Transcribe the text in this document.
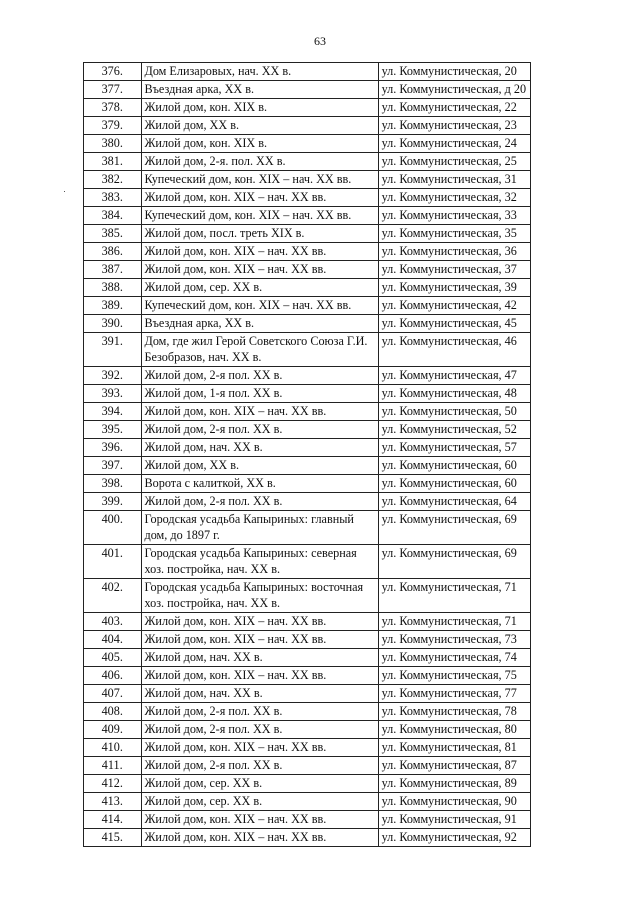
63
376.	Дом Елизаровых, нач. XX в.	ул. Коммунистическая, 20
377.	Въездная арка, XX в.	ул. Коммунистическая, д 20
378.	Жилой дом, кон. XIX в.	ул. Коммунистическая, 22
379.	Жилой дом, XX в.	ул. Коммунистическая, 23
380.	Жилой дом, кон. XIX в.	ул. Коммунистическая, 24
381.	Жилой дом, 2-я. пол. XX в.	ул. Коммунистическая, 25
382.	Купеческий дом, кон. XIX – нач. XX вв.	ул. Коммунистическая, 31
383.	Жилой дом, кон. XIX – нач. XX вв.	ул. Коммунистическая, 32
384.	Купеческий дом, кон. XIX – нач. XX вв.	ул. Коммунистическая, 33
385.	Жилой дом, посл. треть XIX в.	ул. Коммунистическая, 35
386.	Жилой дом, кон. XIX – нач. XX вв.	ул. Коммунистическая, 36
387.	Жилой дом, кон. XIX – нач. XX вв.	ул. Коммунистическая, 37
388.	Жилой дом, сер. XX в.	ул. Коммунистическая, 39
389.	Купеческий дом, кон. XIX – нач. XX вв.	ул. Коммунистическая, 42
390.	Въездная арка, XX в.	ул. Коммунистическая, 45
391.	Дом, где жил Герой Советского Союза Г.И. Безобразов, нач. XX в.	ул. Коммунистическая, 46
392.	Жилой дом, 2-я пол. XX в.	ул. Коммунистическая, 47
393.	Жилой дом, 1-я пол. XX в.	ул. Коммунистическая, 48
394.	Жилой дом, кон. XIX – нач. XX вв.	ул. Коммунистическая, 50
395.	Жилой дом, 2-я пол. XX в.	ул. Коммунистическая, 52
396.	Жилой дом, нач. XX в.	ул. Коммунистическая, 57
397.	Жилой дом, XX в.	ул. Коммунистическая, 60
398.	Ворота с калиткой, XX в.	ул. Коммунистическая, 60
399.	Жилой дом, 2-я пол. XX в.	ул. Коммунистическая, 64
400.	Городская усадьба Капыриных: главный дом, до 1897 г.	ул. Коммунистическая, 69
401.	Городская усадьба Капыриных: северная хоз. постройка, нач. XX в.	ул. Коммунистическая, 69
402.	Городская усадьба Капыриных: восточная хоз. постройка, нач. XX в.	ул. Коммунистическая, 71
403.	Жилой дом, кон. XIX – нач. XX вв.	ул. Коммунистическая, 71
404.	Жилой дом, кон. XIX – нач. XX вв.	ул. Коммунистическая, 73
405.	Жилой дом, нач. XX в.	ул. Коммунистическая, 74
406.	Жилой дом, кон. XIX – нач. XX вв.	ул. Коммунистическая, 75
407.	Жилой дом, нач. XX в.	ул. Коммунистическая, 77
408.	Жилой дом, 2-я пол. XX в.	ул. Коммунистическая, 78
409.	Жилой дом, 2-я пол. XX в.	ул. Коммунистическая, 80
410.	Жилой дом, кон. XIX – нач. XX вв.	ул. Коммунистическая, 81
411.	Жилой дом, 2-я пол. XX в.	ул. Коммунистическая, 87
412.	Жилой дом, сер. XX в.	ул. Коммунистическая, 89
413.	Жилой дом, сер. XX в.	ул. Коммунистическая, 90
414.	Жилой дом, кон. XIX – нач. XX вв.	ул. Коммунистическая, 91
415.	Жилой дом, кон. XIX – нач. XX вв.	ул. Коммунистическая, 92
